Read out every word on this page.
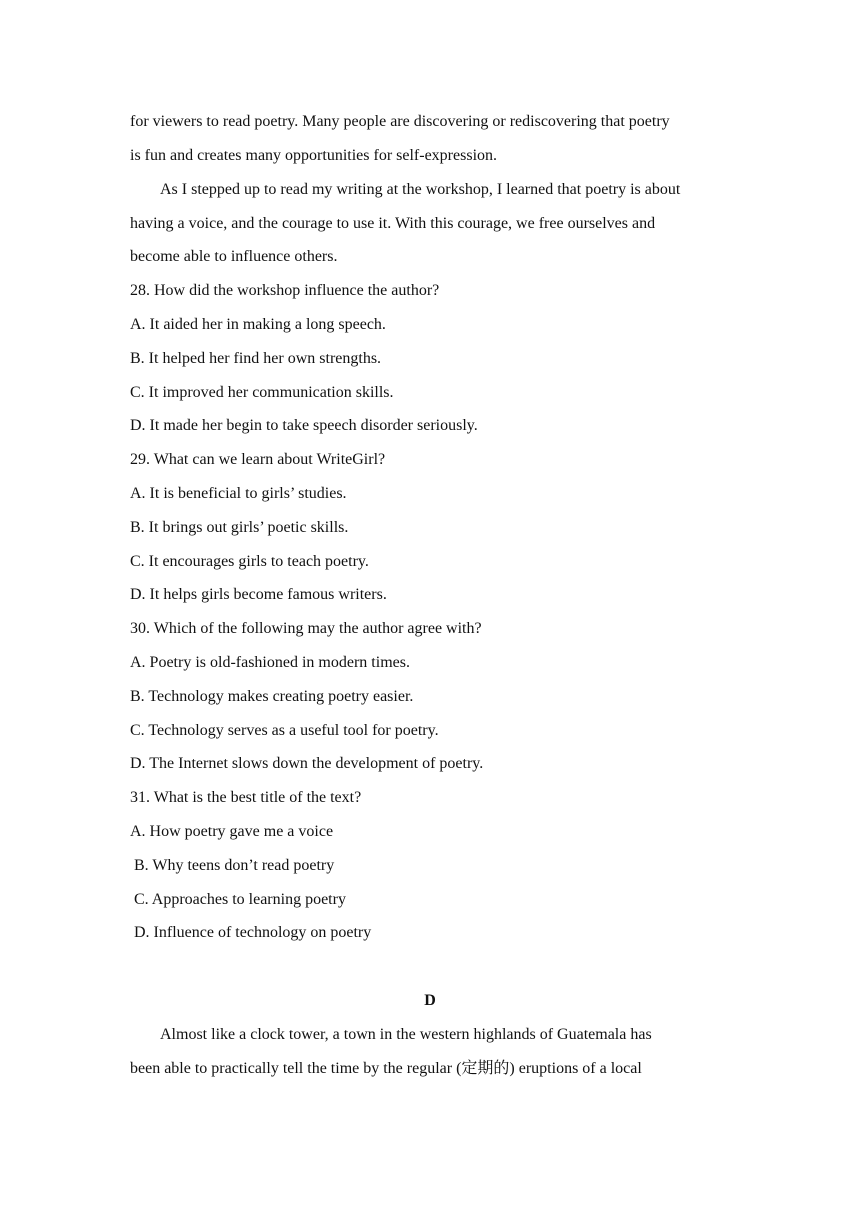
for viewers to read poetry. Many people are discovering or rediscovering that poetry
is fun and creates many opportunities for self-expression.
As I stepped up to read my writing at the workshop, I learned that poetry is about
having a voice, and the courage to use it. With this courage, we free ourselves and
become able to influence others.
28. How did the workshop influence the author?
A. It aided her in making a long speech.
B. It helped her find her own strengths.
C. It improved her communication skills.
D. It made her begin to take speech disorder seriously.
29. What can we learn about WriteGirl?
A. It is beneficial to girls’ studies.
B. It brings out girls’ poetic skills.
C. It encourages girls to teach poetry.
D. It helps girls become famous writers.
30. Which of the following may the author agree with?
A. Poetry is old-fashioned in modern times.
B. Technology makes creating poetry easier.
C. Technology serves as a useful tool for poetry.
D. The Internet slows down the development of poetry.
31. What is the best title of the text?
A. How poetry gave me a voice
B. Why teens don’t read poetry
C. Approaches to learning poetry
D. Influence of technology on poetry
D
Almost like a clock tower, a town in the western highlands of Guatemala has
been able to practically tell the time by the regular (定期的) eruptions of a local
